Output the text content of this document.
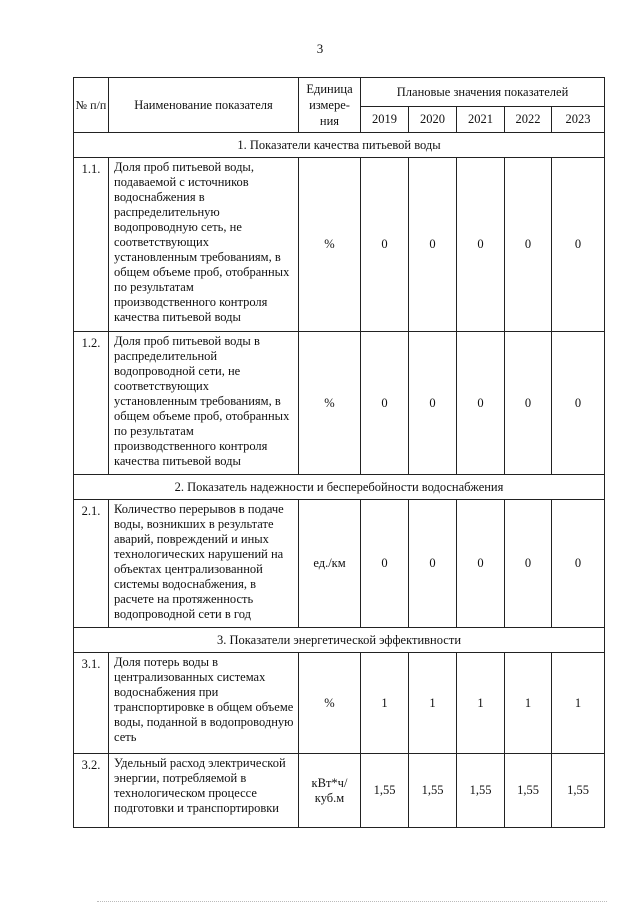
3
№ п/п	Наименование показателя	Единица измере- ния	Плановые значения показателей				
			2019	2020	2021	2022	2023
1. Показатели качества питьевой воды							
1.1.	Доля проб питьевой воды, подаваемой с источников водоснабжения в распределительную водопроводную сеть, не соответствующих установленным требованиям, в общем объеме проб, отобранных по результатам производственного контроля качества питьевой воды	%	0	0	0	0	0
1.2.	Доля проб питьевой воды в распределительной водопроводной сети, не соответствующих установленным требованиям, в общем объеме проб, отобранных по результатам производственного контроля качества питьевой воды	%	0	0	0	0	0
2. Показатель надежности и бесперебойности водоснабжения							
2.1.	Количество перерывов в подаче воды, возникших в результате аварий, повреждений и иных технологических нарушений на объектах централизованной системы водоснабжения, в расчете на протяженность водопроводной сети в год	ед./км	0	0	0	0	0
3. Показатели энергетической эффективности							
3.1.	Доля потерь воды в централизованных системах водоснабжения при транспортировке в общем объеме воды, поданной в водопроводную сеть	%	1	1	1	1	1
3.2.	Удельный расход электрической энергии, потребляемой в технологическом процессе подготовки и транспортировки	кВт*ч/ куб.м	1,55	1,55	1,55	1,55	1,55
